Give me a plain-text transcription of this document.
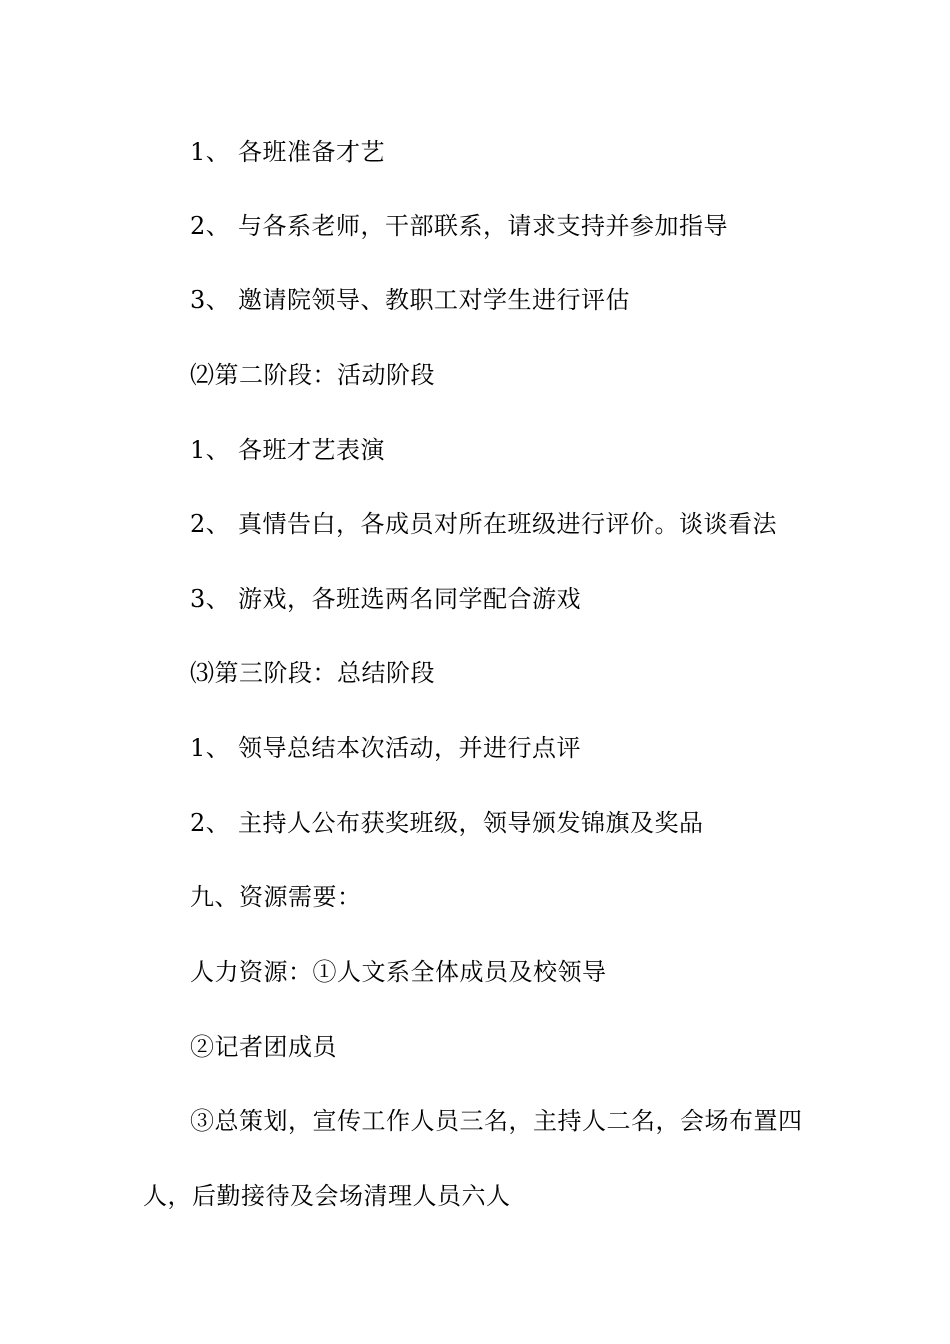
1、 各班准备才艺
2、 与各系老师，干部联系，请求支持并参加指导
3、 邀请院领导、教职工对学生进行评估
⑵第二阶段：活动阶段
1、 各班才艺表演
2、 真情告白，各成员对所在班级进行评价。谈谈看法
3、 游戏，各班选两名同学配合游戏
⑶第三阶段：总结阶段
1、 领导总结本次活动，并进行点评
2、 主持人公布获奖班级，领导颁发锦旗及奖品
九、资源需要：
人力资源：①人文系全体成员及校领导
②记者团成员
③总策划，宣传工作人员三名，主持人二名，会场布置四
人，后勤接待及会场清理人员六人
